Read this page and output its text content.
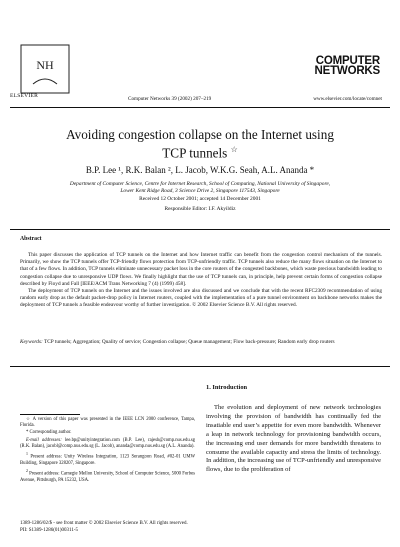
NH
ELSEVIER	Computer Networks 39 (2002) 207–219
COMPUTER
NETWORKS
www.elsevier.com/locate/comnet
Avoiding congestion collapse on the Internet using
TCP tunnels ☆
B.P. Lee ¹, R.K. Balan ², L. Jacob, W.K.G. Seah, A.L. Ananda *
Department of Computer Science, Centre for Internet Research, School of Computing, National University of Singapore,
Lower Kent Ridge Road, 3 Science Drive 2, Singapore 117543, Singapore
Received 12 October 2001; accepted 14 December 2001
Responsible Editor: I.F. Akyildiz
Abstract

This paper discusses the application of TCP tunnels on the Internet and how Internet traffic can benefit from the congestion control mechanism of the tunnels. Primarily, we show the TCP tunnels offer TCP-friendly flows protection from TCP-unfriendly traffic. TCP tunnels also reduce the many flows situation on the Internet to that of a few flows. In addition, TCP tunnels eliminate unnecessary packet loss in the core routers of the congested backbones, which waste precious bandwidth leading to congestion collapse due to unresponsive UDP flows. We finally highlight that the use of TCP tunnels can, in principle, help prevent certain forms of congestion collapse described by Floyd and Fall [IEEE/ACM Trans Networking 7 (4) (1999) 458].

The deployment of TCP tunnels on the Internet and the issues involved are also discussed and we conclude that with the recent RFC2309 recommendation of using random early drop as the default packet-drop policy in Internet routers, coupled with the implementation of a pure tunnel environment on backbone networks makes the deployment of TCP tunnels a feasible endeavour worthy of further investigation. © 2002 Elsevier Science B.V. All rights reserved.

Keywords: TCP tunnels; Aggregation; Quality of service; Congestion collapse; Queue management; Flow back-pressure; Random early drop routers

☆ A version of this paper was presented in the IEEE LCN 2000 conference, Tampa, Florida.

* Corresponding author.

E-mail addresses: lee.bp@unityintegration.com (B.P. Lee), rajesh@comp.nus.edu.sg (R.K. Balan), jacobl@comp.nus.edu.sg (L. Jacob), ananda@comp.nus.edu.sg (A.L. Ananda).

$^1$ Present address: Unity Wireless Integration, 1123 Serangoon Road, #02-01 UMW Building, Singapore 328207, Singapore.

$^2$ Present address: Carnegie Mellon University, School of Computer Science, 5000 Forbes Avenue, Pittsburgh, PA 15232, USA.

1. Introduction

The evolution and deployment of new network technologies involving the provision of bandwidth has continually fed the insatiable end user’s appetite for even more bandwidth. Whenever a leap in network technology for provisioning bandwidth occurs, the increasing end user demands for more bandwidth threatens to consume the available capacity and stress the limits of technology. In addition, the increasing use of TCP-unfriendly and unresponsive flows, due to the proliferation of

1389-1286/02/$ - see front matter © 2002 Elsevier Science B.V. All rights reserved.
PII: S1389-1286(01)00311-5
